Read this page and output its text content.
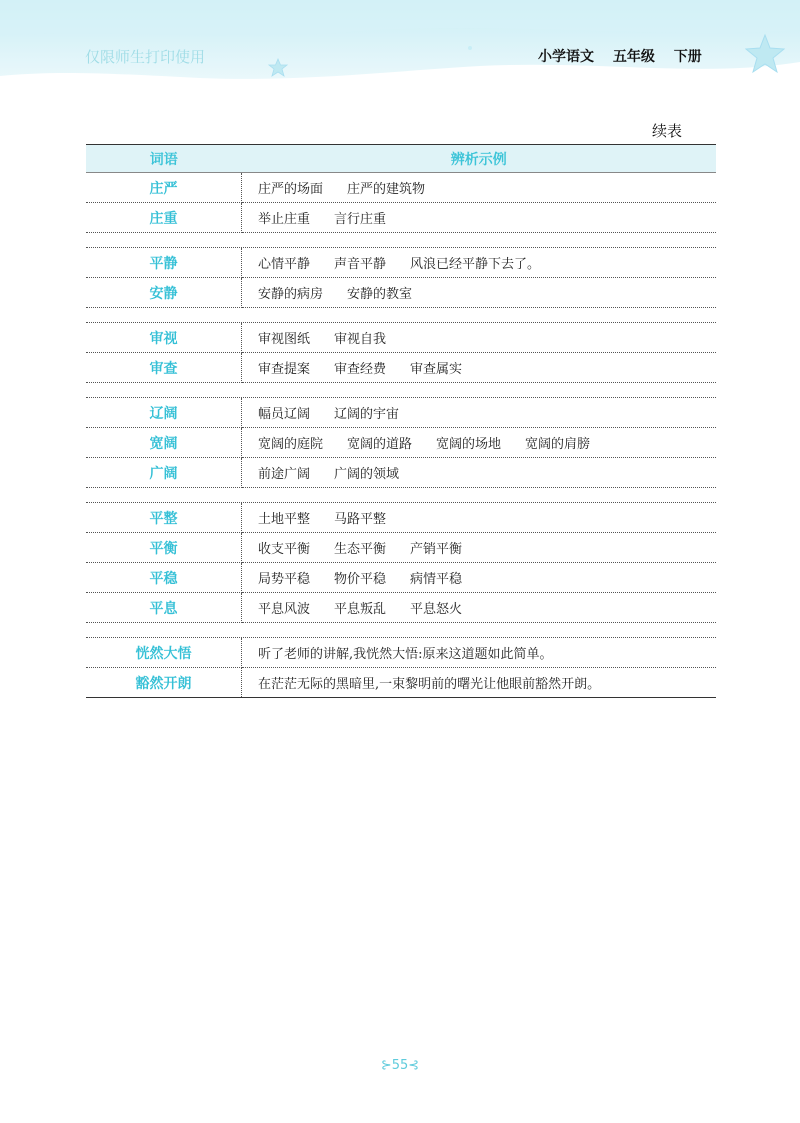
仅限师生打印使用	小学语文 五年级 下册
续表
词语	辨析示例
庄严	庄严的场面 庄严的建筑物
庄重	举止庄重 言行庄重

平静	心情平静 声音平静 风浪已经平静下去了。
安静	安静的病房 安静的教室

审视	审视图纸 审视自我
审查	审查提案 审查经费 审查属实

辽阔	幅员辽阔 辽阔的宇宙
宽阔	宽阔的庭院 宽阔的道路 宽阔的场地 宽阔的肩膀
广阔	前途广阔 广阔的领域

平整	土地平整 马路平整
平衡	收支平衡 生态平衡 产销平衡
平稳	局势平稳 物价平稳 病情平稳
平息	平息风波 平息叛乱 平息怒火

恍然大悟	听了老师的讲解,我恍然大悟:原来这道题如此简单。
豁然开朗	在茫茫无际的黑暗里,一束黎明前的曙光让他眼前豁然开朗。
⊱55⊰
